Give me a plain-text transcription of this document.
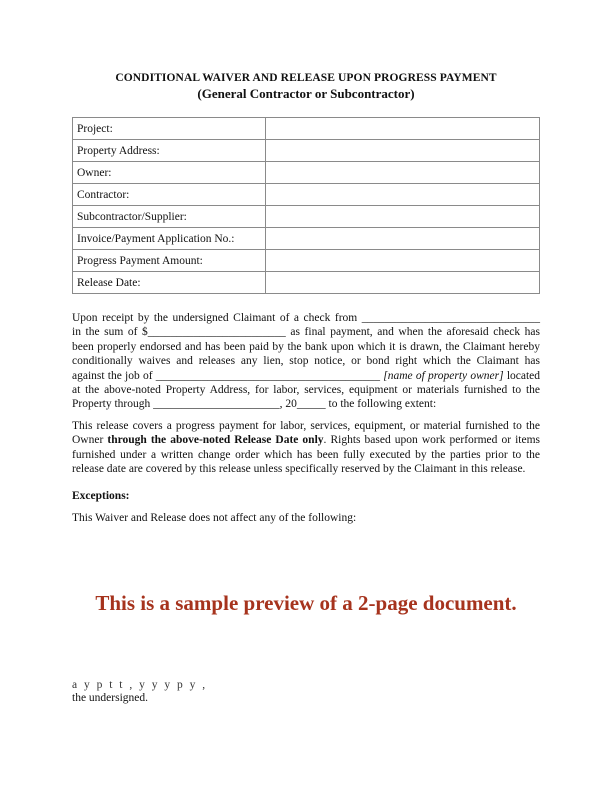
CONDITIONAL WAIVER AND RELEASE UPON PROGRESS PAYMENT
(General Contractor or Subcontractor)
Project:	
Property Address:	
Owner:	
Contractor:	
Subcontractor/Supplier:	
Invoice/Payment Application No.:	
Progress Payment Amount:	
Release Date:	
Upon receipt by the undersigned Claimant of a check from _______________________________
in the sum of $________________________ as final payment, and when the aforesaid check has
been properly endorsed and has been paid by the bank upon which it is drawn, the Claimant hereby
conditionally waives and releases any lien, stop notice, or bond right which the Claimant has
against the job of _______________________________________ [name of property owner] located
at the above-noted Property Address, for labor, services, equipment or materials furnished to the
Property through ______________________, 20_____ to the following extent:
This release covers a progress payment for labor, services, equipment, or material furnished to the
Owner through the above-noted Release Date only. Rights based upon work performed or items
furnished under a written change order which has been fully executed by the parties prior to the
release date are covered by this release unless specifically reserved by the Claimant in this release.
Exceptions:
This Waiver and Release does not affect any of the following:
This is a sample preview of a 2-page document.
a y p t t , y y y p y ,
the undersigned.
